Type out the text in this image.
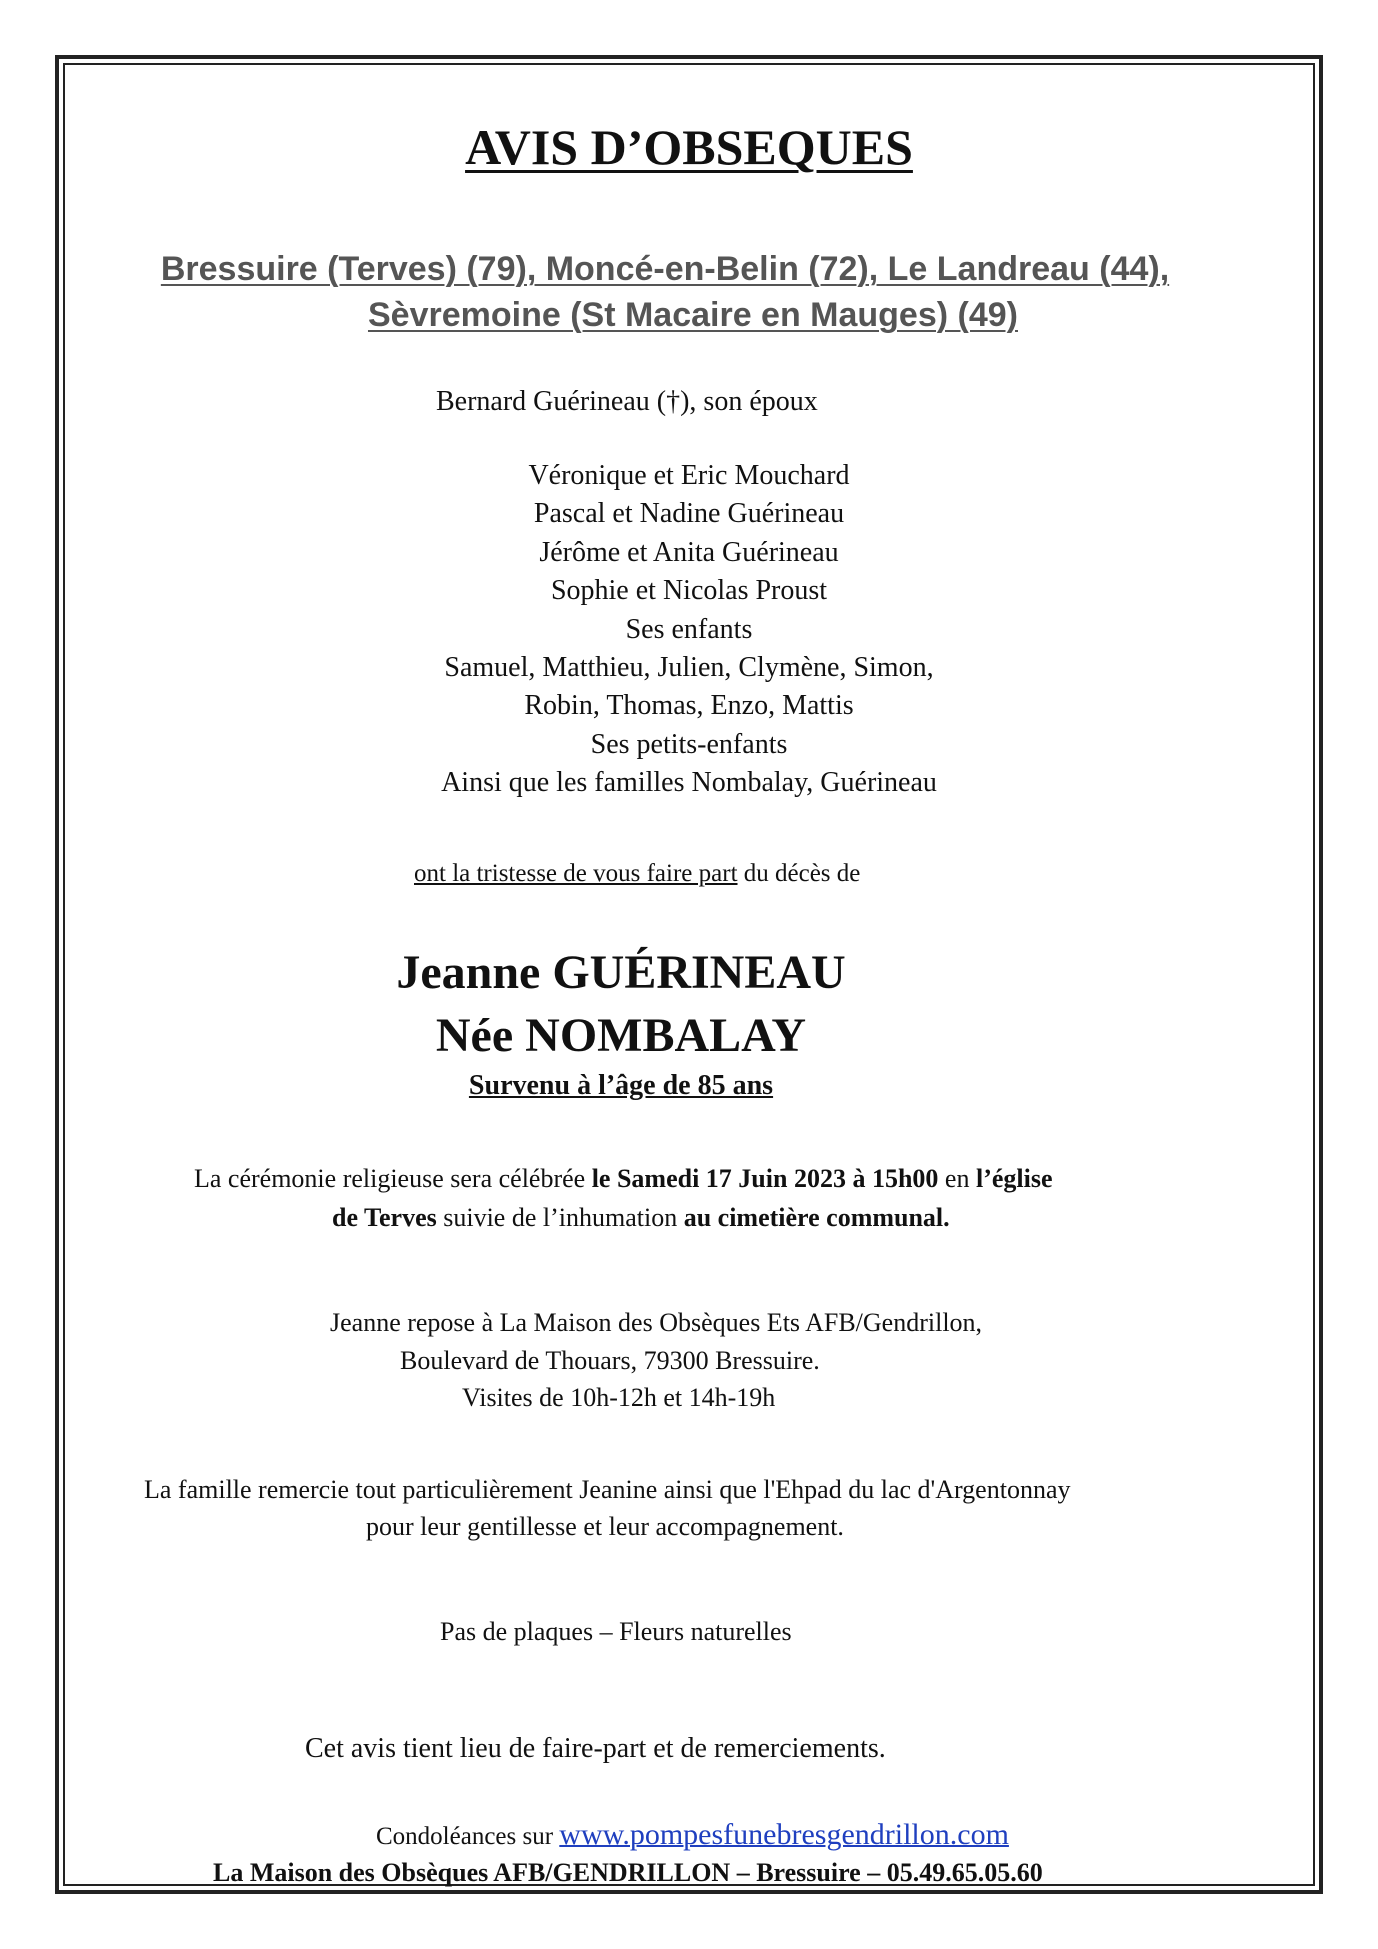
AVIS D’OBSEQUES
Bressuire (Terves) (79), Moncé-en-Belin (72), Le Landreau (44),
Sèvremoine (St Macaire en Mauges) (49)
Bernard Guérineau (†), son époux
Véronique et Eric Mouchard
Pascal et Nadine Guérineau
Jérôme et Anita Guérineau
Sophie et Nicolas Proust
Ses enfants
Samuel, Matthieu, Julien, Clymène, Simon,
Robin, Thomas, Enzo, Mattis
Ses petits-enfants
Ainsi que les familles Nombalay, Guérineau
ont la tristesse de vous faire part du décès de
Jeanne GUÉRINEAU
Née NOMBALAY
Survenu à l’âge de 85 ans
La cérémonie religieuse sera célébrée le Samedi 17 Juin 2023 à 15h00 en l’église
de Terves suivie de l’inhumation au cimetière communal.
Jeanne repose à La Maison des Obsèques Ets AFB/Gendrillon,
Boulevard de Thouars, 79300 Bressuire.
Visites de 10h-12h et 14h-19h
La famille remercie tout particulièrement Jeanine ainsi que l'Ehpad du lac d'Argentonnay
pour leur gentillesse et leur accompagnement.
Pas de plaques – Fleurs naturelles
Cet avis tient lieu de faire-part et de remerciements.
Condoléances sur www.pompesfunebresgendrillon.com
La Maison des Obsèques AFB/GENDRILLON – Bressuire – 05.49.65.05.60
